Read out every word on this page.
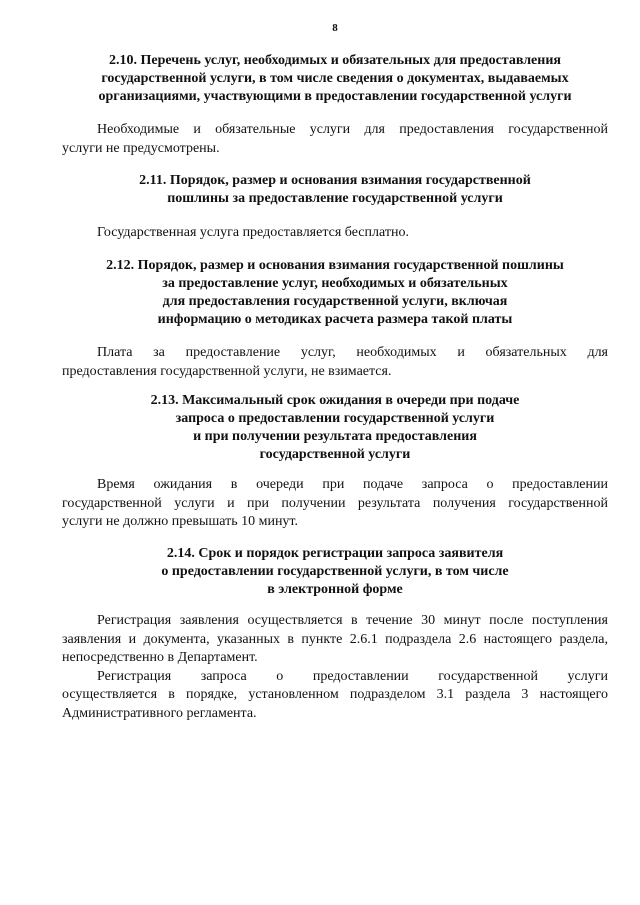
8
2.10. Перечень услуг, необходимых и обязательных для предоставления
государственной услуги, в том числе сведения о документах, выдаваемых
организациями, участвующими в предоставлении государственной услуги

Необходимые и обязательные услуги для предоставления государственной
услуги не предусмотрены.

2.11. Порядок, размер и основания взимания государственной
пошлины за предоставление государственной услуги

Государственная услуга предоставляется бесплатно.

2.12. Порядок, размер и основания взимания государственной пошлины
за предоставление услуг, необходимых и обязательных
для предоставления государственной услуги, включая
информацию о методиках расчета размера такой платы

Плата за предоставление услуг, необходимых и обязательных для
предоставления государственной услуги, не взимается.

2.13. Максимальный срок ожидания в очереди при подаче
запроса о предоставлении государственной услуги
и при получении результата предоставления
государственной услуги

Время ожидания в очереди при подаче запроса о предоставлении
государственной услуги и при получении результата получения государственной
услуги не должно превышать 10 минут.

2.14. Срок и порядок регистрации запроса заявителя
о предоставлении государственной услуги, в том числе
в электронной форме

Регистрация заявления осуществляется в течение 30 минут после поступления
заявления и документа, указанных в пункте 2.6.1 подраздела 2.6 настоящего раздела,
непосредственно в Департамент.
Регистрация запроса о предоставлении государственной услуги
осуществляется в порядке, установленном подразделом 3.1 раздела 3 настоящего
Административного регламента.
